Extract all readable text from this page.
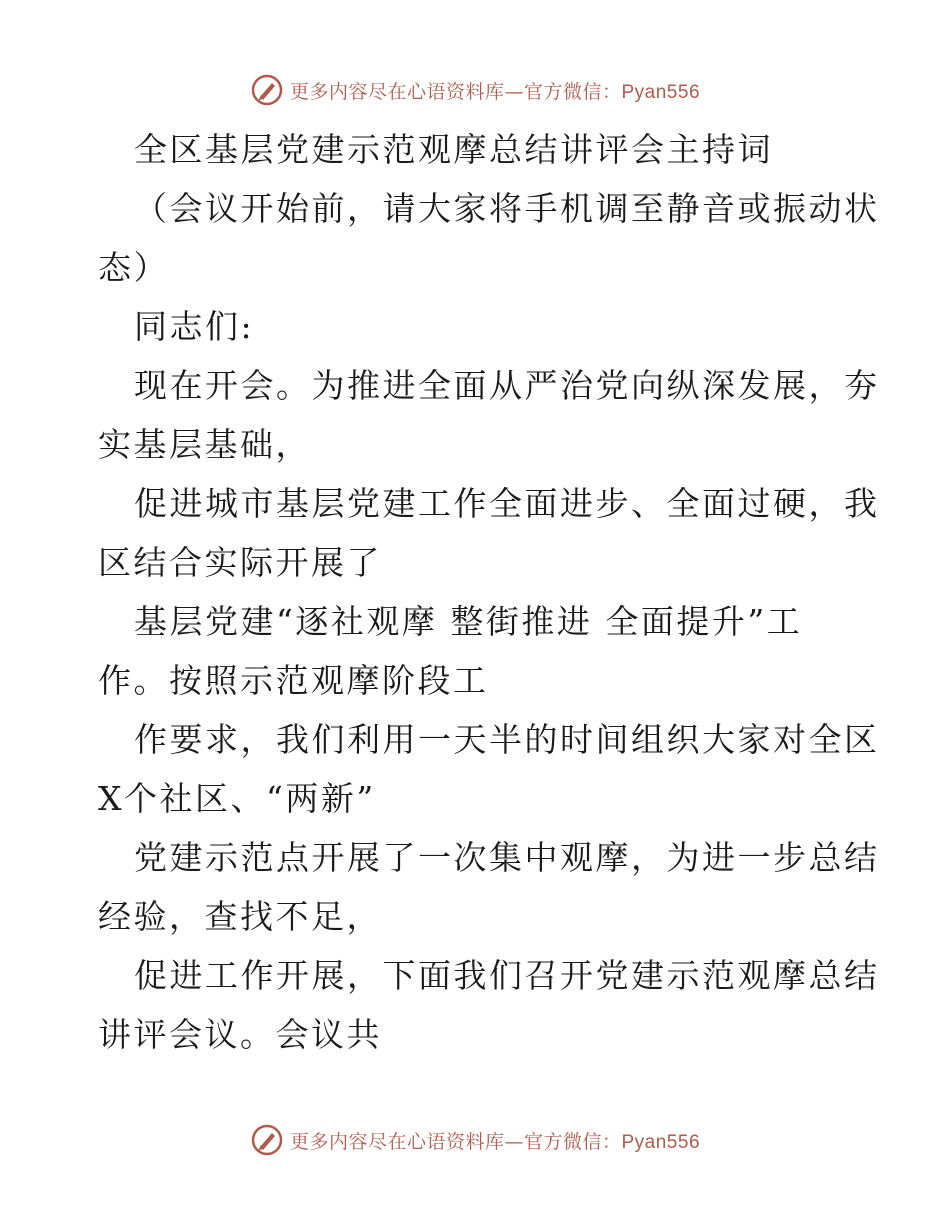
更多内容尽在心语资料库—官方微信：Pyan556
全区基层党建示范观摩总结讲评会主持词
（会议开始前，请大家将手机调至静音或振动状
态）
同志们:
现在开会。为推进全面从严治党向纵深发展，夯
实基层基础，
促进城市基层党建工作全面进步、全面过硬，我
区结合实际开展了
基层党建“逐社观摩 整街推进 全面提升”工
作。按照示范观摩阶段工
作要求，我们利用一天半的时间组织大家对全区
X个社区、“两新”
党建示范点开展了一次集中观摩，为进一步总结
经验，查找不足，
促进工作开展，下面我们召开党建示范观摩总结
讲评会议。会议共
更多内容尽在心语资料库—官方微信：Pyan556
